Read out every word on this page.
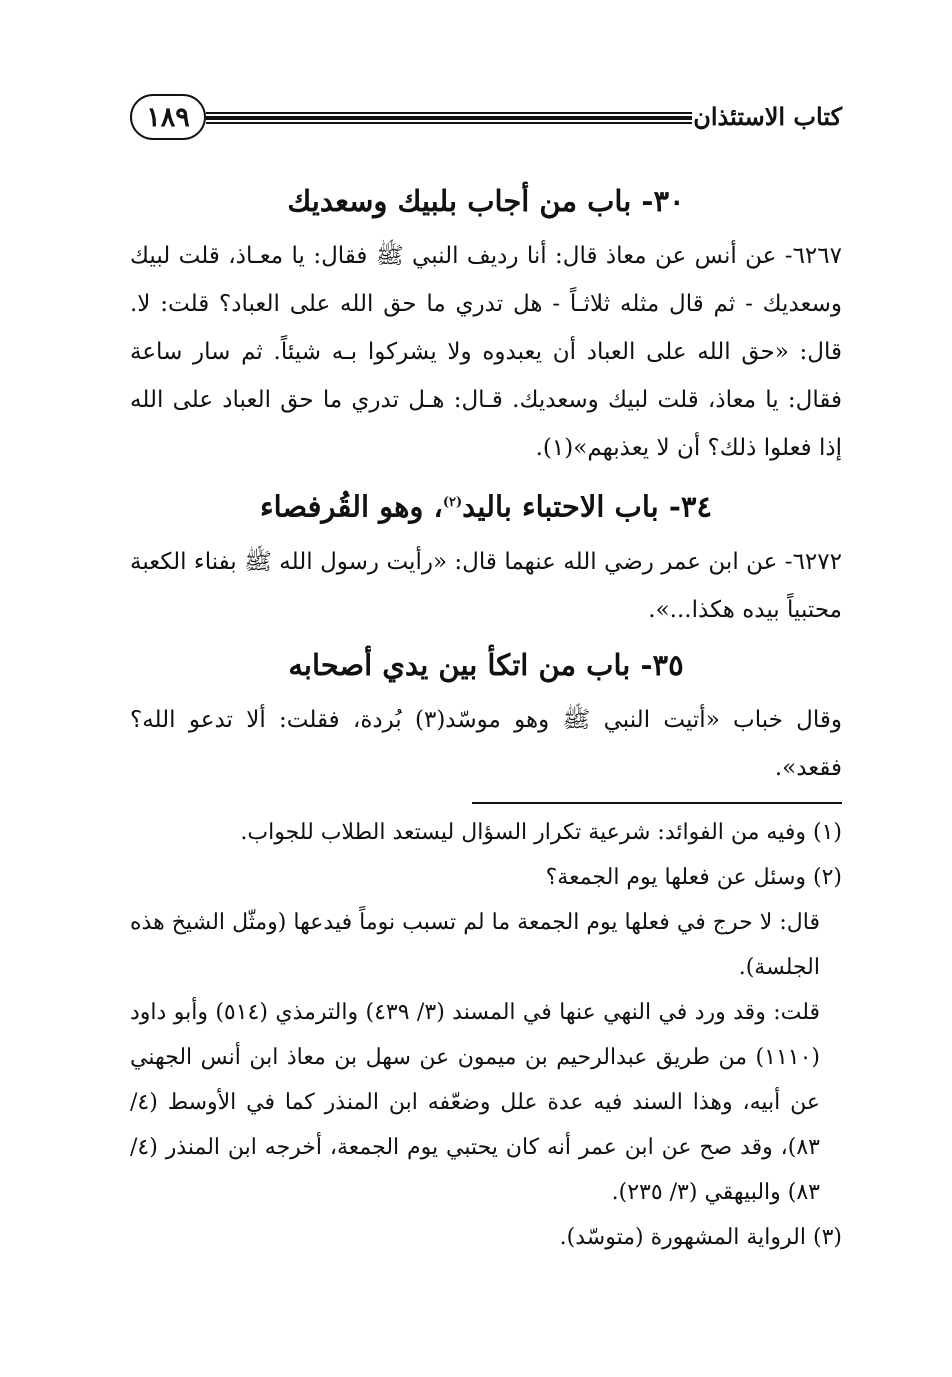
١٨٩	كتاب الاستئذان
٣٠- باب من أجاب بلبيك وسعديك

٦٢٦٧- عن أنس عن معاذ قال: أنا رديف النبي ﷺ فقال: يا معـاذ، قلت لبيك وسعديك - ثم قال مثله ثلاثـاً - هل تدري ما حق الله على العباد؟ قلت: لا. قال: «حق الله على العباد أن يعبدوه ولا يشركوا بـه شيئاً. ثم سار ساعة فقال: يا معاذ، قلت لبيك وسعديك. قـال: هـل تدري ما حق العباد على الله إذا فعلوا ذلك؟ أن لا يعذبهم»(١).

٣٤- باب الاحتباء باليد$^{(٢)}$، وهو القُرفصاء

٦٢٧٢- عن ابن عمر رضي الله عنهما قال: «رأيت رسول الله ﷺ بفناء الكعبة محتبياً بيده هكذا...».

٣٥- باب من اتكأ بين يدي أصحابه

وقال خباب «أتيت النبي ﷺ وهو موسّد(٣) بُردة، فقلت: ألا تدعو الله؟ فقعد».

(١) وفيه من الفوائد: شرعية تكرار السؤال ليستعد الطلاب للجواب.

(٢) وسئل عن فعلها يوم الجمعة؟

قال: لا حرج في فعلها يوم الجمعة ما لم تسبب نوماً فيدعها (ومثّل الشيخ هذه الجلسة).

قلت: وقد ورد في النهي عنها في المسند (٣/ ٤٣٩) والترمذي (٥١٤) وأبو داود (١١١٠) من طريق عبدالرحيم بن ميمون عن سهل بن معاذ ابن أنس الجهني عن أبيه، وهذا السند فيه عدة علل وضعّفه ابن المنذر كما في الأوسط (٤/ ٨٣)، وقد صح عن ابن عمر أنه كان يحتبي يوم الجمعة، أخرجه ابن المنذر (٤/ ٨٣) والبيهقي (٣/ ٢٣٥).

(٣) الرواية المشهورة (متوسّد).
